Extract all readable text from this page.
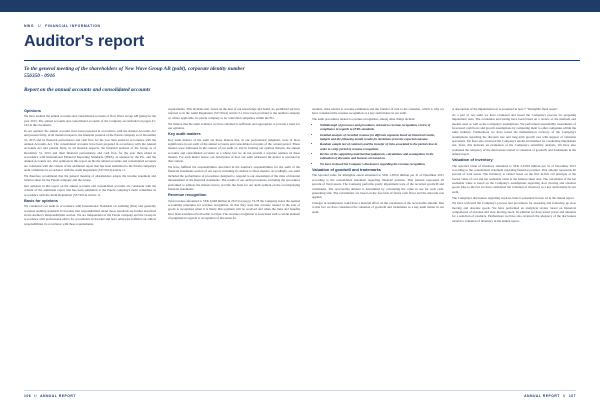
NWG // FINANCIAL INFORMATION
Auditor's report
To the general meeting of the shareholders of New Wave Group AB (publ), corporate identity number 556350 - 0916
Report on the annual accounts and consolidated accounts
Opinions

We have audited the annual accounts and consolidated accounts of New Wave Group AB (publ) for the year 2015. The annual accounts and consolidated accounts of the Company are included on pages 47-102 in this document.

In our opinion, the annual accounts have been prepared in accordance with the Annual Accounts Act and present fairly, in all material respects, the financial position of the Parent company as of December 31, 2015 and its financial performance and cash flow for the year then ended in accordance with the Annual Accounts Act. The consolidated accounts have been prepared in accordance with the Annual Accounts Act and present fairly, in all material respects, the financial position of the Group as of December 31, 2015 and their financial performance and cash flow for the year then ended in accordance with International Financial Reporting Standards (IFRS), as adopted by the EU, and the Annual Accounts Act. Our opinions in this report on the the annual accounts and consolidated accounts are consistent with the content of the additional report that has been submitted to the Parent company's audit committee in accordance with the Audit Regulation (537/2014) Article 11.

We therefore recommend that the general meeting of shareholders adopts the income statement and balance sheet for the Parent company and the Group.

Our opinions in this report on the annual accounts and consolidated accounts are consistent with the content of the additional report that has been submitted to the Parent company's audit committee in accordance with the Audit Regulation (537/2014) Article 11.

Basis for opinions

We conducted our audit in accordance with International Standards on Auditing (ISA) and generally accepted auditing standards in Sweden. Our responsibilities under those standards are further described in the Auditor's Responsibilities section. We are independent of the Parent company and the Group in accordance with professional ethics for accountants in Sweden and have otherwise fulfilled our ethical responsibilities in accordance with these requirements.

requirements. This includes that, based on the best of our knowledge and belief, no prohibited services referred to in the Audit Regulation (537/2014) Article 5.1 have been provided to the audited company or, where applicable, its parent company or its controlled companies within the EU.

We believe that the audit evidence we have obtained is sufficient and appropriate to provide a basis for our opinions.

Key audit matters

Key audit matters of the audit are those matters that, in our professional judgment, were of most significance in our audit of the annual accounts and consolidated accounts of the current period. These matters were addressed in the context of our audit of, and in forming our opinion thereon, the annual accounts and consolidated accounts as a whole, but we do not provide a separate opinion on these matters. For each matter below, our description of how our audit addressed the matter is provided in that context.

We have fulfilled the responsibilities described in the Auditor's responsibilities for the audit of the financial statements section of our report, including in relation to these matters. Accordingly, our audit included the performance of procedures designed to respond to our assessment of the risks of material misstatement of the financial statements. The results of our audit procedures, including the procedures performed to address the matters below, provide the basis for our audit opinion on the accompanying financial statements.

Revenue recognition

Total revenue amounted to SEK 6,048 million in 2015 (Group) p 73-78 the Company states the applied accounting principles for revenue recognition. In that they state that revenue related to the sale of goods is recognised when it is likely that payment will be received and when the risks and benefits have been transferred from seller to buyer. The revenue recognition is associated with a certain element of judgment in regards to recognition of discounts for

retailers, risks related to revenue estimation and the transfer of risk to the customer, which is why we have considered the revenue recognition as a key audit matter in our audit.

The audit procedures related to revenue recognition, among other things include:

• Walkthrough of processes and procedures relevant to revenue recognition, review of compliance in regards to IFRS standards.
• Detailed analysis of recorded revenue for different segments based on historical results, budgets and the following month results for deviations from the expected outcome.
• Random sample test of contracts and the transfer of risks associated to the period close in order to verify period of revenue recognition.
• Review of the supporting material that judgments, calculations and assumptions in the estimation of discounts and bonuses are based on.
• We have reviewed the Company's disclosures regarding the revenue recognition.
Valuation of goodwill and trademarks

The reported value for intangible assets amounted to SEK 1,383.0 million per 31 of December 2015 according to the consolidated statement regarding financial position. That amount represents 20 percent of Total assets. The Company performs yearly impairment tests of the recorded goodwill and trademarks. The recoverable amount is determined by calculating the value in use for each cash-generating unit. The calculations are based on the forecasts of future cash flows and the discount rate applied.

Changes in assumptions could have a material effect on the calculation of the recoverable amount. Due to this fact we have considered the valuation of goodwill and trademarks as a key audit matter in our audit.

A description of the impairment test is presented in note 7 "Intangible fixed assets".

As a part of our audit we have evaluated and tested the Company's process for preparing impairment tests. The evaluation and testing have been based on a review of the methods and models used as well as the Company's assumptions. We performed reasonability assessments of forecasted cash flows and growth assumptions by comparing them to other companies within the same industry. Furthermore we have tested the mathematical accuracy of the Company's assumptions regarding the discount rate and long-term growth rate with support of valuation specialists. We have also reviewed the Company's model and method for conducting impairment test. Tests, this includes an evaluation of the Company's sensitivity analysis. We have also evaluated the adequacy of the disclosures related to valuation of goodwill and trademarks in the annual report.

Valuation of inventory

The reported value of inventory amounted to SEK 2,618.9 million per 31 of December 2015 according to the consolidated statement regarding financial position. That amount represents 40 percent of total assets. The inventory is valued based on the first in-first out principle at the lowest value of cost and net realisable value at the balance sheet date. The calculation of the net realisable value is based on the Company's assumptions regarding slow moving and obsolete goods. Due to the fact we have considered the valuation of inventory as a key audit matter in our audit.

The Company's disclosures regarding stock-in-trade is presented in note 16 in the annual report.

We have reviewed the Company's process and procedures for assessing and following up slow moving and obsolete goods. We have performed an analytical review based on historical comparisons of obsolete and slow moving stock. In addition we have tested prices and amounts for a selection of products. Furthermore we have also reviewed the adequacy of the disclosures related to valuation of inventory in the annual report.

106 // ANNUAL REPORT	ANNUAL REPORT // 107
